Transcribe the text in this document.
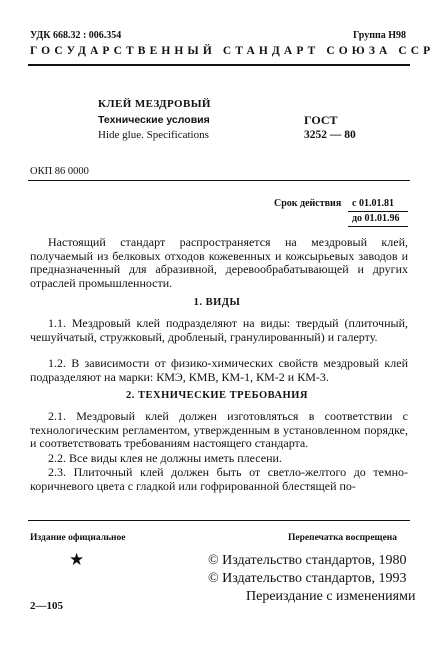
УДК 668.32 : 006.354	Группа Н98
ГОСУДАРСТВЕННЫЙ СТАНДАРТ СОЮЗА ССР
КЛЕЙ МЕЗДРОВЫЙ
Технические условия
Hide glue. Specifications
ГОСТ
3252 — 80
ОКП 86 0000
Срок действия с 01.01.81
до 01.01.96

Настоящий стандарт распространяется на мездровый клей, получаемый из белковых отходов кожевенных и кожсырьевых заводов и предназначенный для абразивной, деревообрабатывающей и других отраслей промышленности.

1. ВИДЫ

1.1. Мездровый клей подразделяют на виды: твердый (плиточный, чешуйчатый, стружковый, дробленый, гранулированный) и галерту.

1.2. В зависимости от физико-химических свойств мездровый клей подразделяют на марки: КМЭ, КМВ, КМ-1, КМ-2 и КМ-3.

2. ТЕХНИЧЕСКИЕ ТРЕБОВАНИЯ

2.1. Мездровый клей должен изготовляться в соответствии с технологическим регламентом, утвержденным в установленном порядке, и соответствовать требованиям настоящего стандарта.

2.2. Все виды клея не должны иметь плесени.

2.3. Плиточный клей должен быть от светло-желтого до темно-коричневого цвета с гладкой или гофрированной блестящей по-

Издание официальное	Перепечатка воспрещена
★	© Издательство стандартов, 1980
© Издательство стандартов, 1993
Переиздание с изменениями
2—105
